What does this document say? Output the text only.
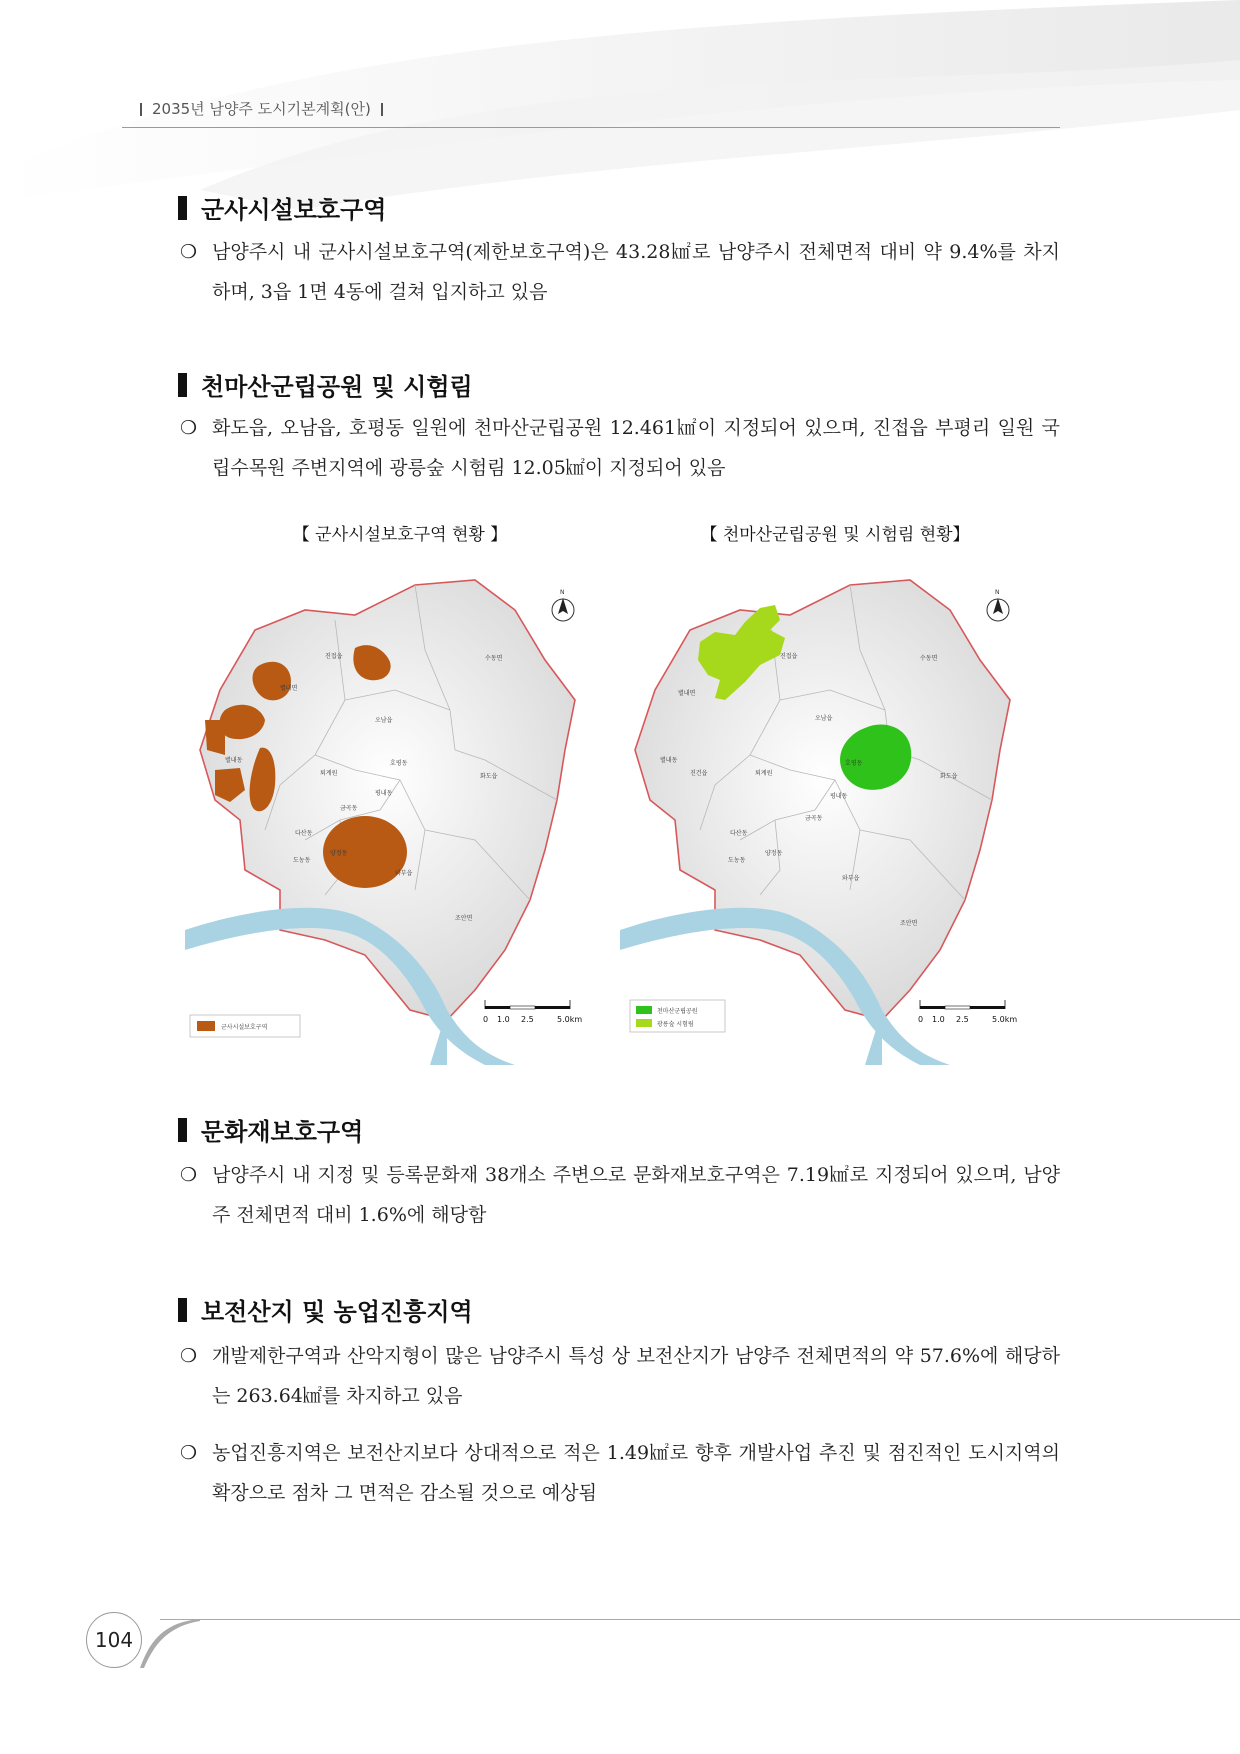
2035년 남양주 도시기본계획(안)
군사시설보호구역
❍ 남양주시 내 군사시설보호구역(제한보호구역)은 43.28㎢로 남양주시 전체면적 대비 약 9.4%를 차지하며, 3읍 1면 4동에 걸쳐 입지하고 있음
천마산군립공원 및 시험림
❍ 화도읍, 오남읍, 호평동 일원에 천마산군립공원 12.461㎢이 지정되어 있으며, 진접읍 부평리 일원 국립수목원 주변지역에 광릉숲 시험림 12.05㎢이 지정되어 있음
【 군사시설보호구역 현황 】	【 천마산군립공원 및 시험림 현황】
진접읍	수동면
별내면
오남읍
호평동
화도읍
퇴계원
평내동
금곡동
다산동
양정동
도농동
와부읍
조안면
별내동
N
군사시설보호구역
0 1.0 2.5	5.0km
진접읍	수동면
별내면
오남읍
호평동
화도읍
퇴계원
평내동
금곡동
다산동
양정동
도농동
와부읍
조안면
별내동
진건읍
N
천마산군립공원
광릉숲 시험림
0 1.0 2.5	5.0km
문화재보호구역
❍ 남양주시 내 지정 및 등록문화재 38개소 주변으로 문화재보호구역은 7.19㎢로 지정되어 있으며, 남양주 전체면적 대비 1.6%에 해당함
보전산지 및 농업진흥지역
❍ 개발제한구역과 산악지형이 많은 남양주시 특성 상 보전산지가 남양주 전체면적의 약 57.6%에 해당하는 263.64㎢를 차지하고 있음
❍ 농업진흥지역은 보전산지보다 상대적으로 적은 1.49㎢로 향후 개발사업 추진 및 점진적인 도시지역의 확장으로 점차 그 면적은 감소될 것으로 예상됨
104
